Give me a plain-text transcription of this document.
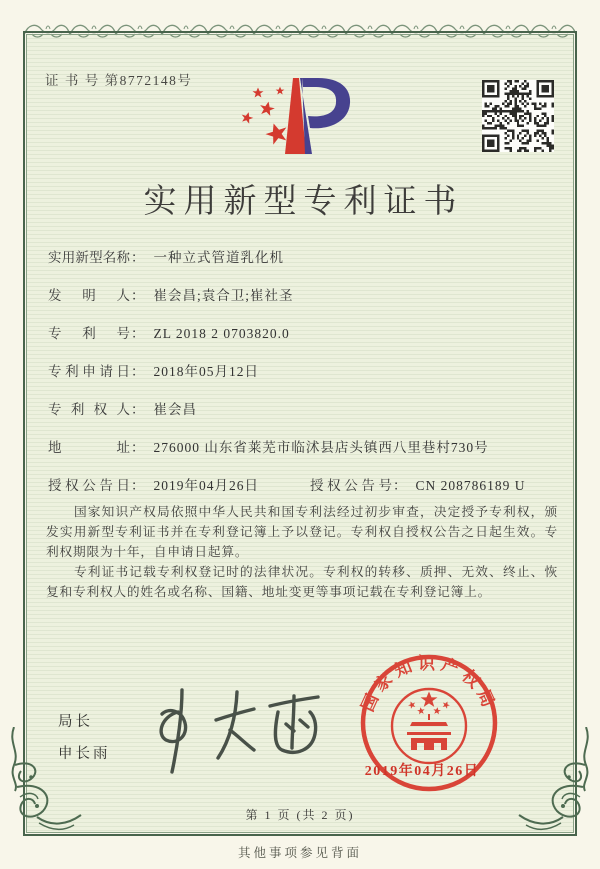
证 书 号 第8772148号
实用新型专利证书
实用新型名称： 一种立式管道乳化机
发明人： 崔会昌;袁合卫;崔社圣
专利号： ZL 2018 2 0703820.0
专利申请日： 2018年05月12日
专利权人： 崔会昌
地址： 276000 山东省莱芜市临沭县店头镇西八里巷村730号
授权公告日： 2019年04月26日	授权公告号： CN 208786189 U

国家知识产权局依照中华人民共和国专利法经过初步审查，决定授予专利权，颁发实用新型专利证书并在专利登记簿上予以登记。专利权自授权公告之日起生效。专利权期限为十年，自申请日起算。

专利证书记载专利权登记时的法律状况。专利权的转移、质押、无效、终止、恢复和专利权人的姓名或名称、国籍、地址变更等事项记载在专利登记簿上。

局长
申长雨
国家知识产权局
2019年04月26日
第 1 页 (共 2 页)
其他事项参见背面
